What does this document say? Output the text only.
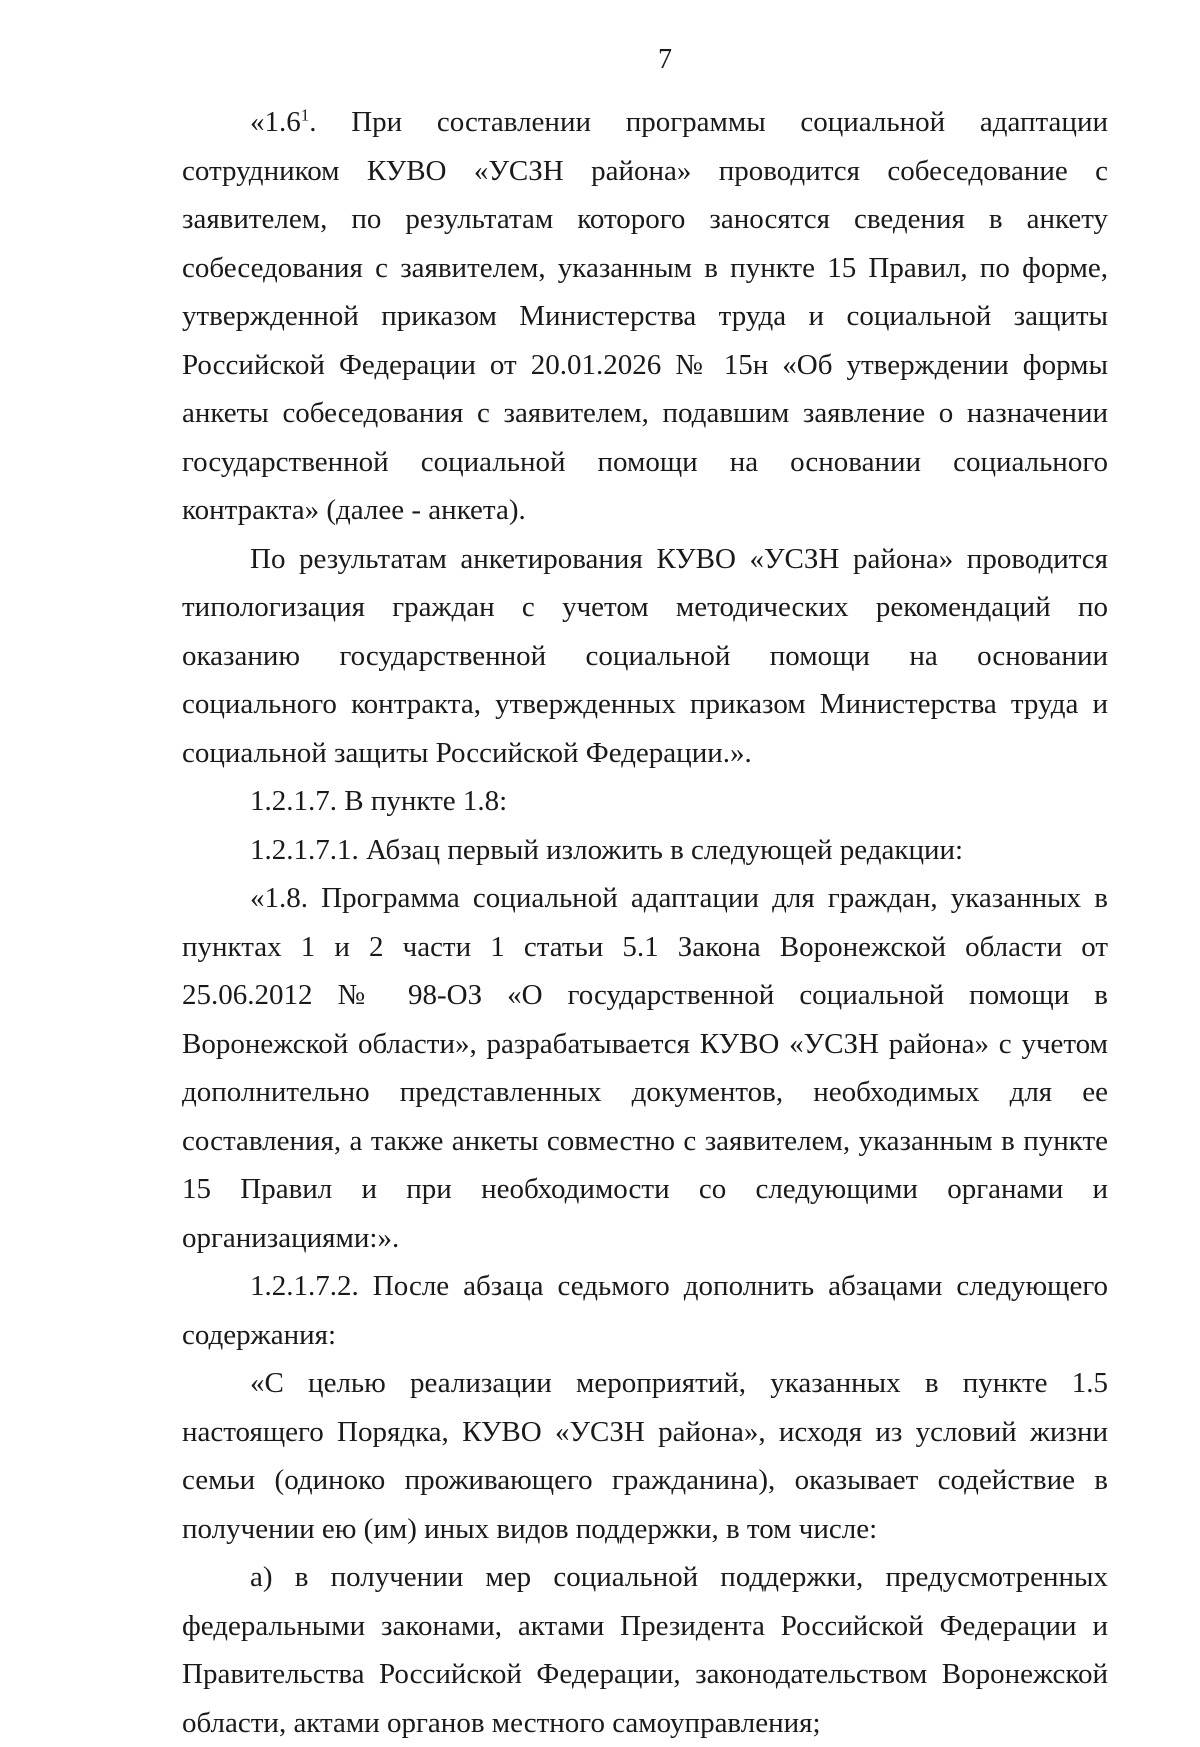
7

«$1.6^1$. При составлении программы социальной адаптации сотрудником КУВО «УСЗН района» проводится собеседование с заявителем, по результатам которого заносятся сведения в анкету собеседования с заявителем, указанным в пункте 15 Правил, по форме, утвержденной приказом Министерства труда и социальной защиты Российской Федерации от 20.01.2026 № 15н «Об утверждении формы анкеты собеседования с заявителем, подавшим заявление о назначении государственной социальной помощи на основании социального контракта» (далее - анкета).

По результатам анкетирования КУВО «УСЗН района» проводится типологизация граждан с учетом методических рекомендаций по оказанию государственной социальной помощи на основании социального контракта, утвержденных приказом Министерства труда и социальной защиты Российской Федерации.».

1.2.1.7. В пункте 1.8:

1.2.1.7.1. Абзац первый изложить в следующей редакции:

«1.8. Программа социальной адаптации для граждан, указанных в пунктах 1 и 2 части 1 статьи 5.1 Закона Воронежской области от 25.06.2012 № 98-ОЗ «О государственной социальной помощи в Воронежской области», разрабатывается КУВО «УСЗН района» с учетом дополнительно представленных документов, необходимых для ее составления, а также анкеты совместно с заявителем, указанным в пункте 15 Правил и при необходимости со следующими органами и организациями:».

1.2.1.7.2. После абзаца седьмого дополнить абзацами следующего содержания:

«С целью реализации мероприятий, указанных в пункте 1.5 настоящего Порядка, КУВО «УСЗН района», исходя из условий жизни семьи (одиноко проживающего гражданина), оказывает содействие в получении ею (им) иных видов поддержки, в том числе:

а) в получении мер социальной поддержки, предусмотренных федеральными законами, актами Президента Российской Федерации и Правительства Российской Федерации, законодательством Воронежской области, актами органов местного самоуправления;
